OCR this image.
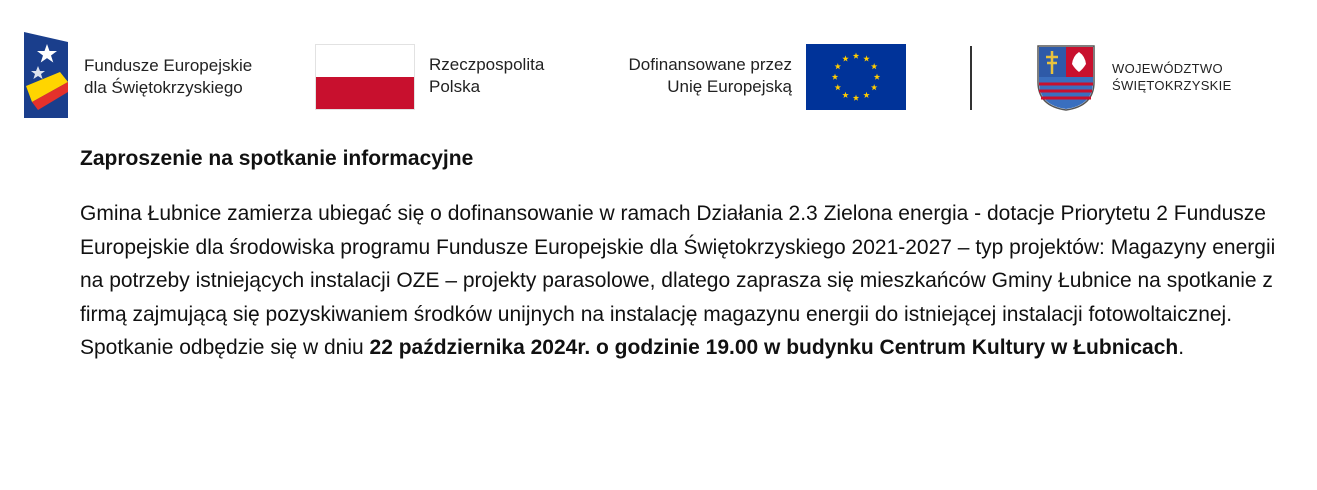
Fundusze Europejskie
dla Świętokrzyskiego
Rzeczpospolita
Polska
Dofinansowane przez
Unię Europejską
WOJEWÓDZTWO
ŚWIĘTOKRZYSKIE

Zaproszenie na spotkanie informacyjne

Gmina Łubnice zamierza ubiegać się o dofinansowanie w ramach Działania 2.3 Zielona energia - dotacje Priorytetu 2 Fundusze Europejskie dla środowiska programu Fundusze Europejskie dla Świętokrzyskiego 2021-2027 – typ projektów: Magazyny energii na potrzeby istniejących instalacji OZE – projekty parasolowe, dlatego zaprasza się mieszkańców Gminy Łubnice na spotkanie z firmą zajmującą się pozyskiwaniem środków unijnych na instalację magazynu energii do istniejącej instalacji fotowoltaicznej. Spotkanie odbędzie się w dniu 22 października 2024r. o godzinie 19.00 w budynku Centrum Kultury w Łubnicach.
